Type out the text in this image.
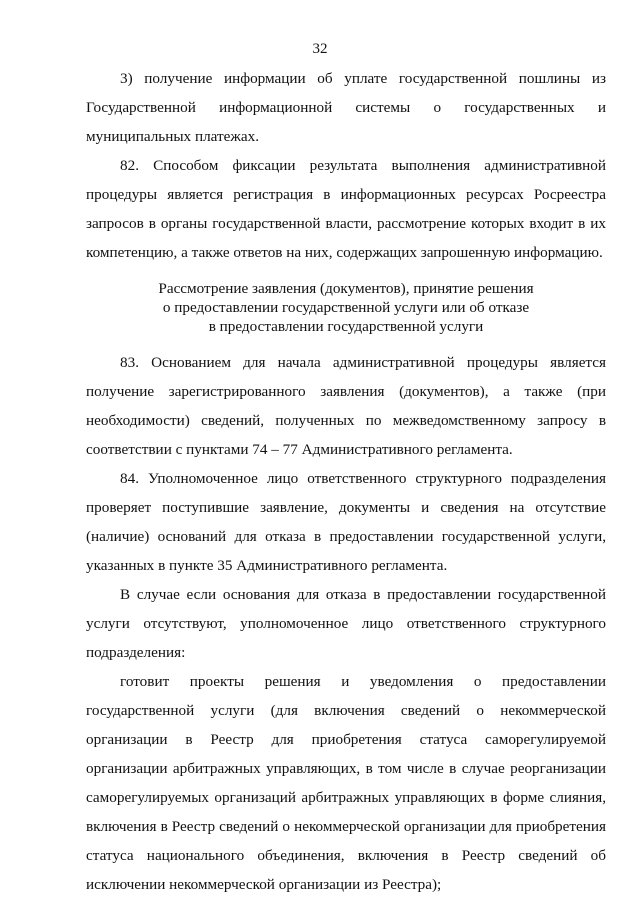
32

3) получение информации об уплате государственной пошлины из Государственной информационной системы о государственных и муниципальных платежах.

82. Способом фиксации результата выполнения административной процедуры является регистрация в информационных ресурсах Росреестра запросов в органы государственной власти, рассмотрение которых входит в их компетенцию, а также ответов на них, содержащих запрошенную информацию.

Рассмотрение заявления (документов), принятие решения
о предоставлении государственной услуги или об отказе
в предоставлении государственной услуги

83. Основанием для начала административной процедуры является получение зарегистрированного заявления (документов), а также (при необходимости) сведений, полученных по межведомственному запросу в соответствии с пунктами 74 – 77 Административного регламента.

84. Уполномоченное лицо ответственного структурного подразделения проверяет поступившие заявление, документы и сведения на отсутствие (наличие) оснований для отказа в предоставлении государственной услуги, указанных в пункте 35 Административного регламента.

В случае если основания для отказа в предоставлении государственной услуги отсутствуют, уполномоченное лицо ответственного структурного подразделения:

готовит проекты решения и уведомления о предоставлении государственной услуги (для включения сведений о некоммерческой организации в Реестр для приобретения статуса саморегулируемой организации арбитражных управляющих, в том числе в случае реорганизации саморегулируемых организаций арбитражных управляющих в форме слияния, включения в Реестр сведений о некоммерческой организации для приобретения статуса национального объединения, включения в Реестр сведений об исключении некоммерческой организации из Реестра);
